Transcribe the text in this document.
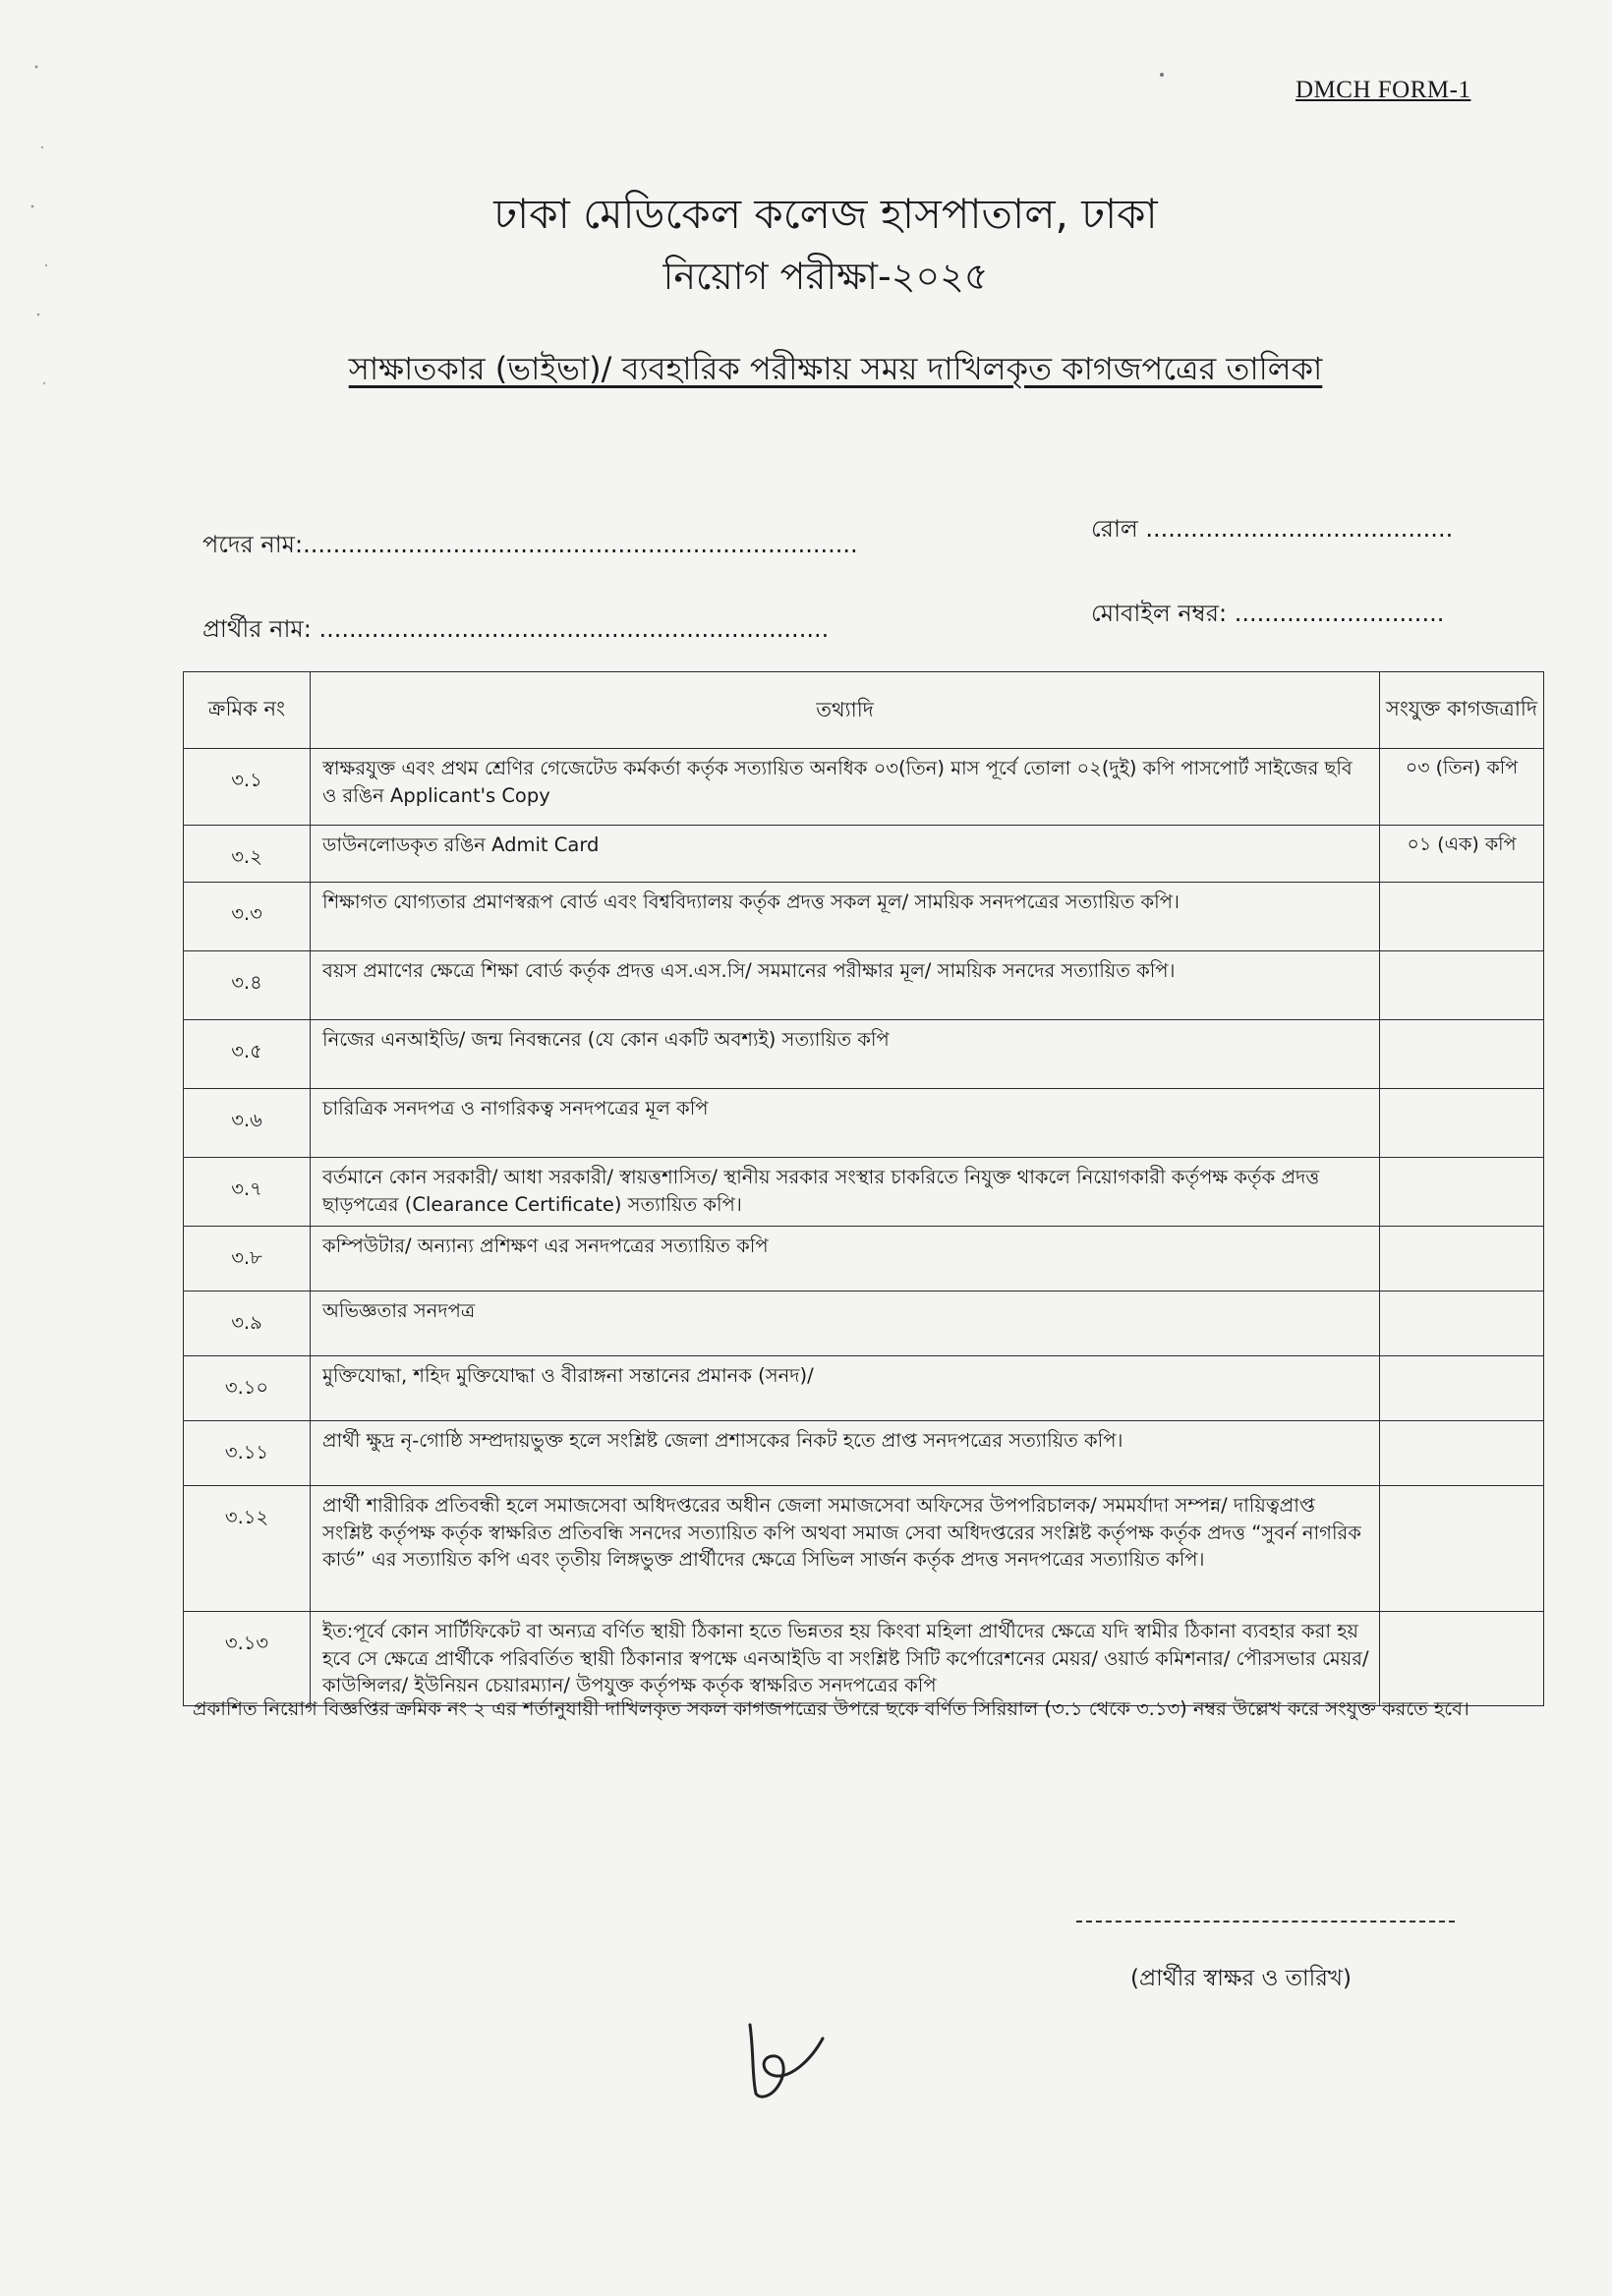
DMCH FORM-1
ঢাকা মেডিকেল কলেজ হাসপাতাল, ঢাকা
নিয়োগ পরীক্ষা-২০২৫
সাক্ষাতকার (ভাইভা)/ ব্যবহারিক পরীক্ষায় সময় দাখিলকৃত কাগজপত্রের তালিকা
পদের নাম:..........................................................................
রোল .........................................
প্রার্থীর নাম: ....................................................................
মোবাইল নম্বর: ............................
ক্রমিক নং	তথ্যাদি	সংযুক্ত কাগজত্রাদি
৩.১	স্বাক্ষরযুক্ত এবং প্রথম শ্রেণির গেজেটেড কর্মকর্তা কর্তৃক সত্যায়িত অনধিক ০৩(তিন) মাস পূর্বে তোলা ০২(দুই) কপি পাসপোর্ট সাইজের ছবি ও রঙিন Applicant's Copy	০৩ (তিন) কপি
৩.২	ডাউনলোডকৃত রঙিন Admit Card	০১ (এক) কপি
৩.৩	শিক্ষাগত যোগ্যতার প্রমাণস্বরূপ বোর্ড এবং বিশ্ববিদ্যালয় কর্তৃক প্রদত্ত সকল মূল/ সাময়িক সনদপত্রের সত্যায়িত কপি।	
৩.৪	বয়স প্রমাণের ক্ষেত্রে শিক্ষা বোর্ড কর্তৃক প্রদত্ত এস.এস.সি/ সমমানের পরীক্ষার মূল/ সাময়িক সনদের সত্যায়িত কপি।	
৩.৫	নিজের এনআইডি/ জন্ম নিবন্ধনের (যে কোন একটি অবশ্যই) সত্যায়িত কপি	
৩.৬	চারিত্রিক সনদপত্র ও নাগরিকত্ব সনদপত্রের মূল কপি	
৩.৭	বর্তমানে কোন সরকারী/ আধা সরকারী/ স্বায়ত্তশাসিত/ স্থানীয় সরকার সংস্থার চাকরিতে নিযুক্ত থাকলে নিয়োগকারী কর্তৃপক্ষ কর্তৃক প্রদত্ত ছাড়পত্রের (Clearance Certificate) সত্যায়িত কপি।	
৩.৮	কম্পিউটার/ অন্যান্য প্রশিক্ষণ এর সনদপত্রের সত্যায়িত কপি	
৩.৯	অভিজ্ঞতার সনদপত্র	
৩.১০	মুক্তিযোদ্ধা, শহিদ মুক্তিযোদ্ধা ও বীরাঙ্গনা সন্তানের প্রমানক (সনদ)/	
৩.১১	প্রার্থী ক্ষুদ্র নৃ-গোষ্ঠি সম্প্রদায়ভুক্ত হলে সংশ্লিষ্ট জেলা প্রশাসকের নিকট হতে প্রাপ্ত সনদপত্রের সত্যায়িত কপি।	
৩.১২	প্রার্থী শারীরিক প্রতিবন্ধী হলে সমাজসেবা অধিদপ্তরের অধীন জেলা সমাজসেবা অফিসের উপপরিচালক/ সমমর্যাদা সম্পন্ন/ দায়িত্বপ্রাপ্ত সংশ্লিষ্ট কর্তৃপক্ষ কর্তৃক স্বাক্ষরিত প্রতিবন্ধি সনদের সত্যায়িত কপি অথবা সমাজ সেবা অধিদপ্তরের সংশ্লিষ্ট কর্তৃপক্ষ কর্তৃক প্রদত্ত “সুবর্ন নাগরিক কার্ড” এর সত্যায়িত কপি এবং তৃতীয় লিঙ্গভুক্ত প্রার্থীদের ক্ষেত্রে সিভিল সার্জন কর্তৃক প্রদত্ত সনদপত্রের সত্যায়িত কপি।	
৩.১৩	ইত:পূর্বে কোন সার্টিফিকেট বা অন্যত্র বর্ণিত স্থায়ী ঠিকানা হতে ভিন্নতর হয় কিংবা মহিলা প্রার্থীদের ক্ষেত্রে যদি স্বামীর ঠিকানা ব্যবহার করা হয় হবে সে ক্ষেত্রে প্রার্থীকে পরিবর্তিত স্থায়ী ঠিকানার স্বপক্ষে এনআইডি বা সংশ্লিষ্ট সিটি কর্পোরেশনের মেয়র/ ওয়ার্ড কমিশনার/ পৌরসভার মেয়র/ কাউন্সিলর/ ইউনিয়ন চেয়ারম্যান/ উপযুক্ত কর্তৃপক্ষ কর্তৃক স্বাক্ষরিত সনদপত্রের কপি	
প্রকাশিত নিয়োগ বিজ্ঞপ্তির ক্রমিক নং ২ এর শর্তানুযায়ী দাখিলকৃত সকল কাগজপত্রের উপরে ছকে বর্ণিত সিরিয়াল (৩.১ থেকে ৩.১৩) নম্বর উল্লেখ করে সংযুক্ত করতে হবে।
(প্রার্থীর স্বাক্ষর ও তারিখ)
